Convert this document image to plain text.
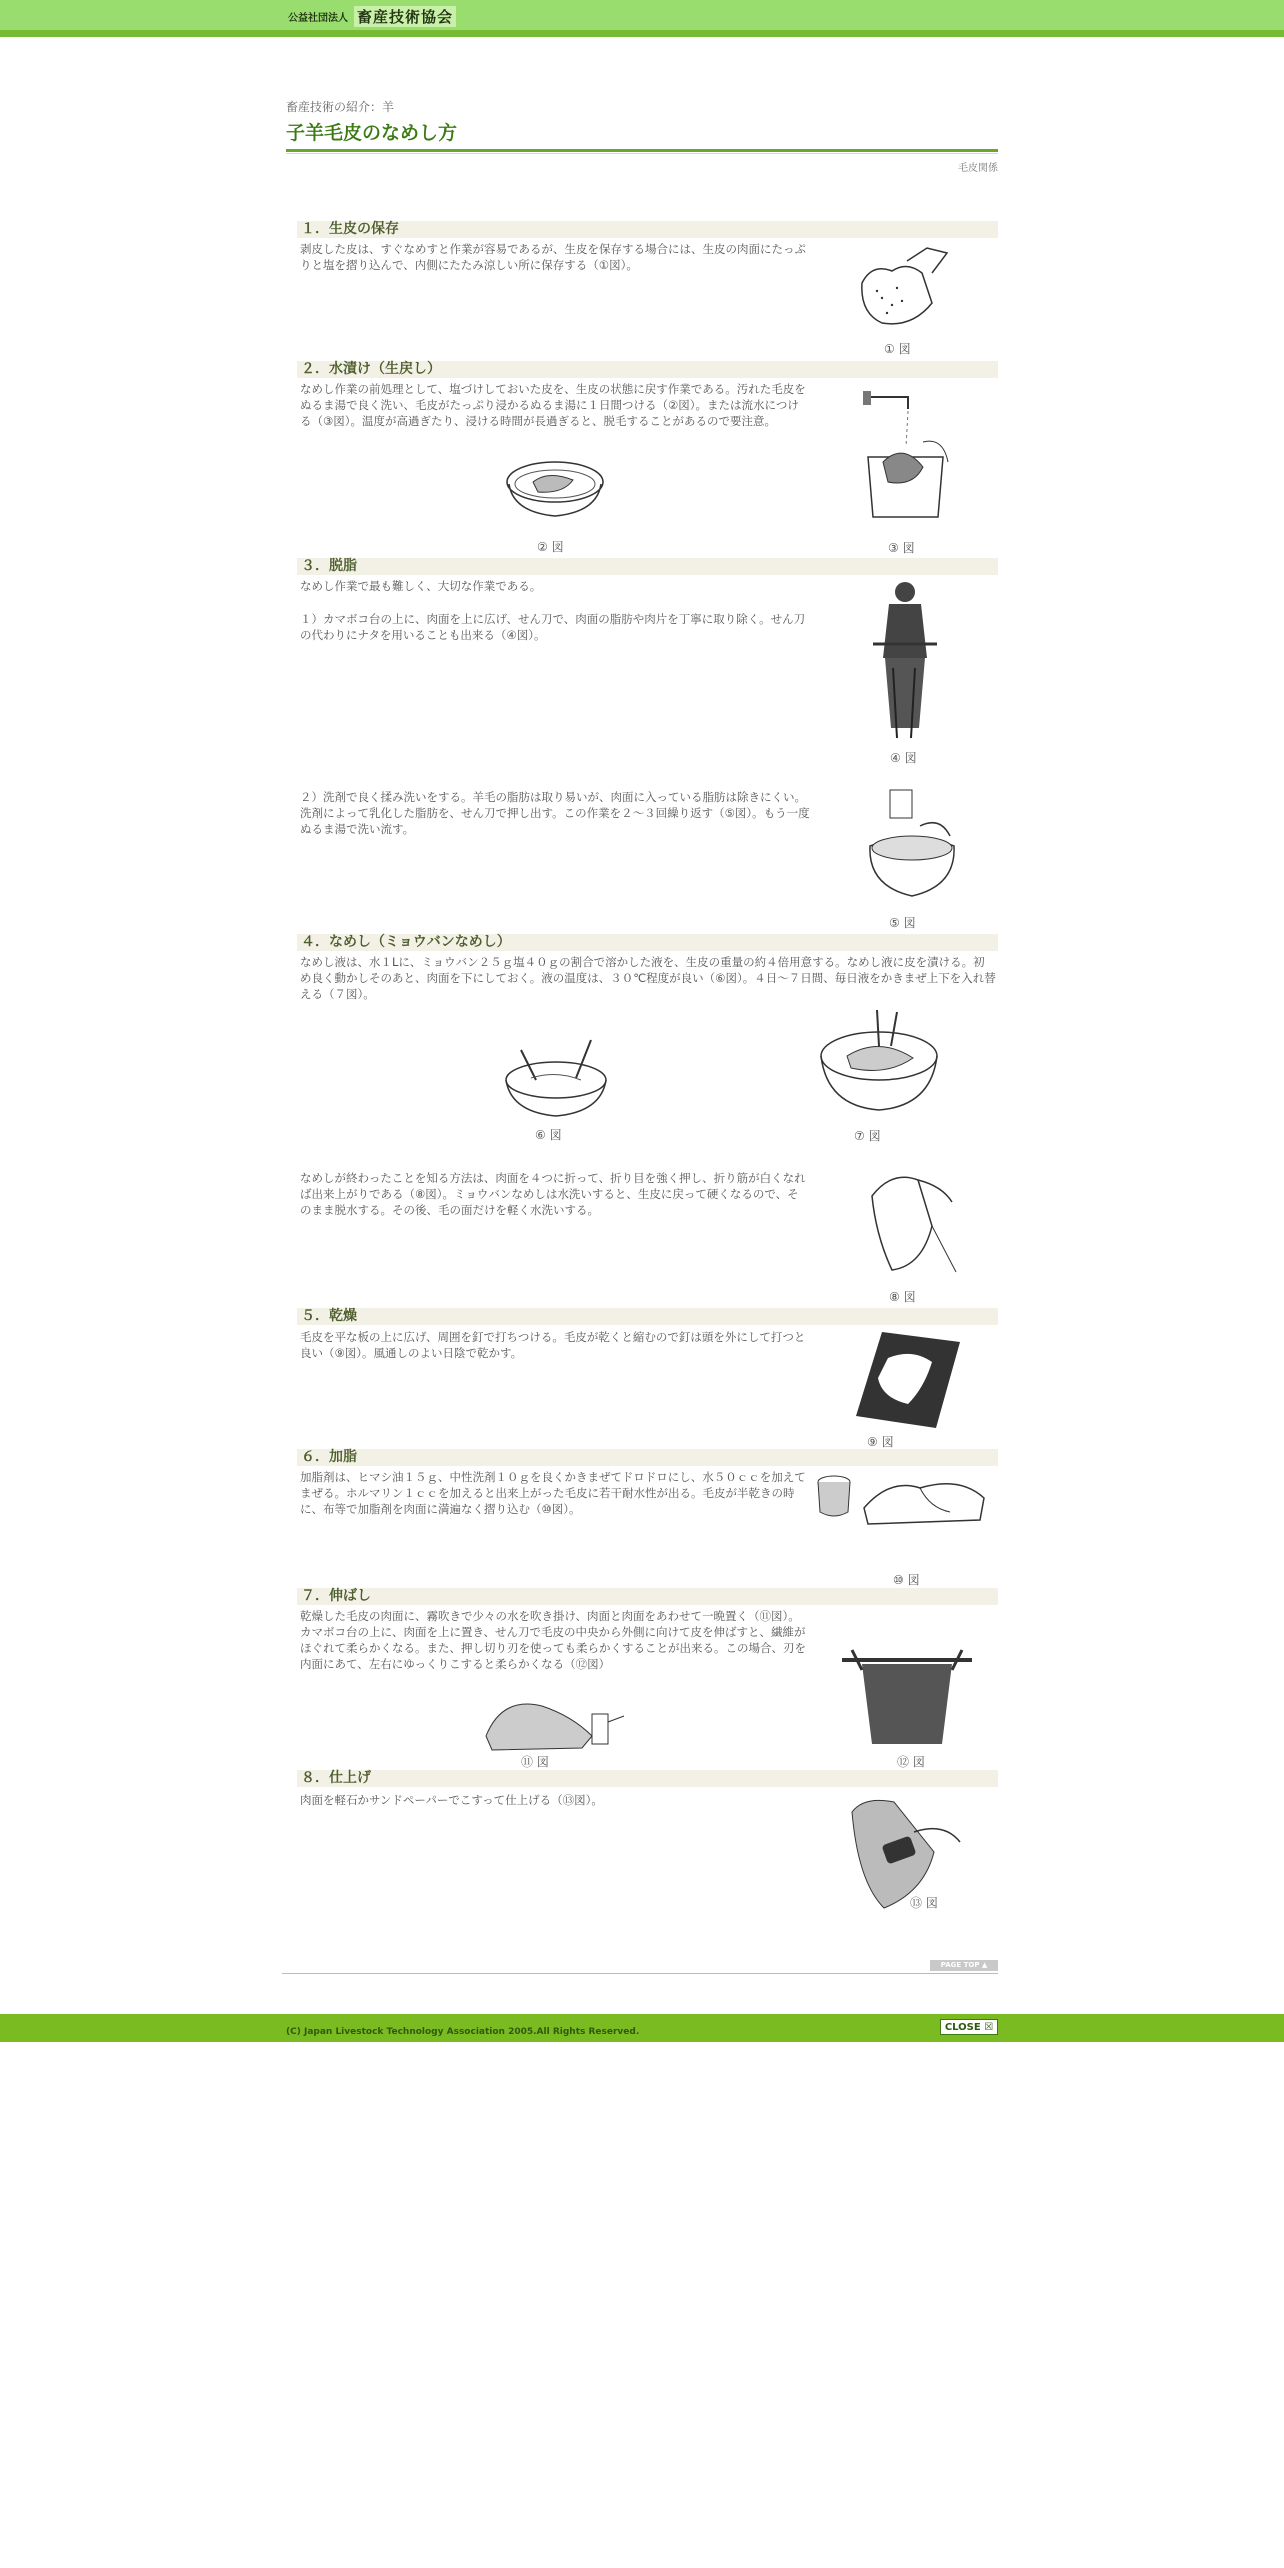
公益社団法人 畜産技術協会
畜産技術の紹介：羊
子羊毛皮のなめし方
毛皮関係
１．生皮の保存
剥皮した皮は、すぐなめすと作業が容易であるが、生皮を保存する場合には、生皮の肉面にたっぷりと塩を摺り込んで、内側にたたみ涼しい所に保存する（①図）。
① 図
２．水漬け（生戻し）
なめし作業の前処理として、塩づけしておいた皮を、生皮の状態に戻す作業である。汚れた毛皮をぬるま湯で良く洗い、毛皮がたっぷり浸かるぬるま湯に１日間つける（②図）。または流水につける（③図）。温度が高過ぎたり、浸ける時間が長過ぎると、脱毛することがあるので要注意。
② 図	③ 図
３．脱脂
なめし作業で最も難しく、大切な作業である。
１）カマボコ台の上に、肉面を上に広げ、せん刀で、肉面の脂肪や肉片を丁寧に取り除く。せん刀の代わりにナタを用いることも出来る（④図）。
④ 図
２）洗剤で良く揉み洗いをする。羊毛の脂肪は取り易いが、肉面に入っている脂肪は除きにくい。洗剤によって乳化した脂肪を、せん刀で押し出す。この作業を２～３回繰り返す（⑤図）。もう一度ぬるま湯で洗い流す。
⑤ 図
４．なめし（ミョウバンなめし）
なめし液は、水１Lに、ミョウバン２５ｇ塩４０ｇの割合で溶かした液を、生皮の重量の約４倍用意する。なめし液に皮を漬ける。初め良く動かしそのあと、肉面を下にしておく。液の温度は、３０℃程度が良い（⑥図）。４日～７日間、毎日液をかきまぜ上下を入れ替える（７図）。
⑥ 図	⑦ 図
なめしが終わったことを知る方法は、肉面を４つに折って、折り目を強く押し、折り筋が白くなれば出来上がりである（⑧図）。ミョウバンなめしは水洗いすると、生皮に戻って硬くなるので、そのまま脱水する。その後、毛の面だけを軽く水洗いする。
⑧ 図
５．乾燥
毛皮を平な板の上に広げ、周囲を釘で打ちつける。毛皮が乾くと縮むので釘は頭を外にして打つと良い（⑨図）。風通しのよい日陰で乾かす。
⑨ 図
６．加脂
加脂剤は、ヒマシ油１５ｇ、中性洗剤１０ｇを良くかきまぜてドロドロにし、水５０ｃｃを加えてまぜる。ホルマリン１ｃｃを加えると出来上がった毛皮に若干耐水性が出る。毛皮が半乾きの時に、布等で加脂剤を肉面に満遍なく摺り込む（⑩図）。
⑩ 図
７．伸ばし
乾燥した毛皮の肉面に、霧吹きで少々の水を吹き掛け、肉面と肉面をあわせて一晩置く（⑪図）。カマボコ台の上に、肉面を上に置き、せん刀で毛皮の中央から外側に向けて皮を伸ばすと、繊維がほぐれて柔らかくなる。また、押し切り刃を使っても柔らかくすることが出来る。この場合、刃を内面にあて、左右にゆっくりこすると柔らかくなる（⑫図）
⑪ 図	⑫ 図
８．仕上げ
肉面を軽石かサンドペーパーでこすって仕上げる（⑬図）。
⑬ 図
PAGE TOP ▲
(C) Japan Livestock Technology Association 2005.All Rights Reserved.	CLOSE ☒
